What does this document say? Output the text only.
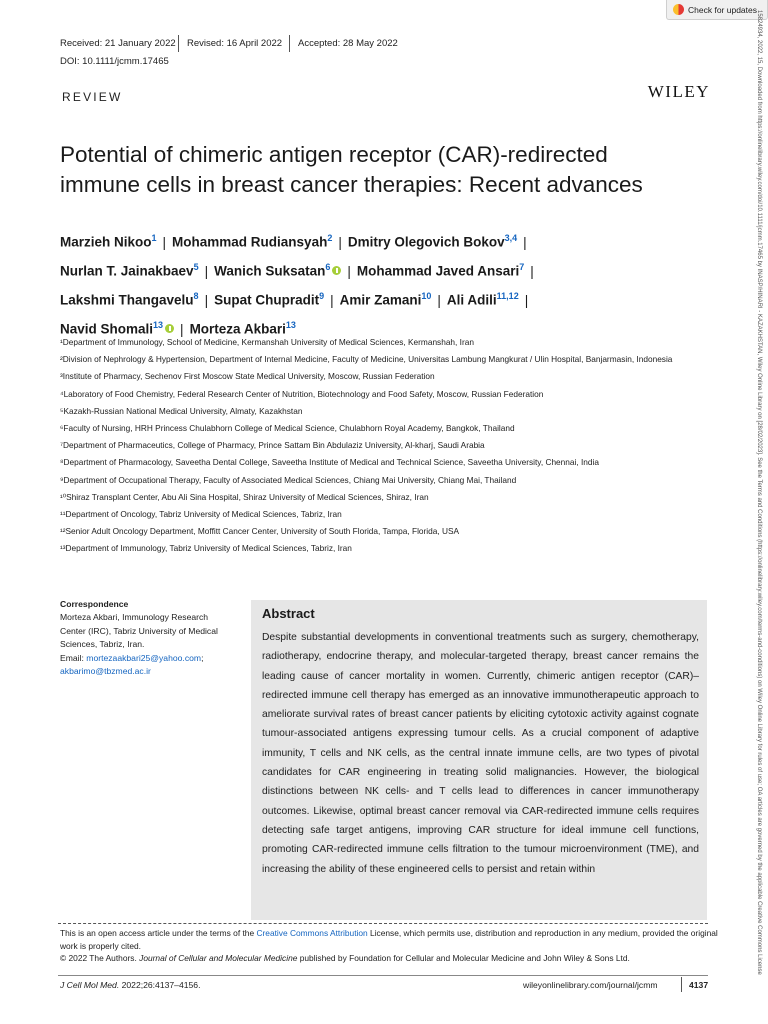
Check for updates
Received: 21 January 2022 Revised: 16 April 2022 Accepted: 28 May 2022
DOI: 10.1111/jcmm.17465
REVIEW	WILEY
Potential of chimeric antigen receptor (CAR)-redirected immune cells in breast cancer therapies: Recent advances
Marzieh Nikoo$^1$ | Mohammad Rudiansyah$^2$ | Dmitry Olegovich Bokov$^{3,4}$ |
Nurlan T. Jainakbaev$^5$ | Wanich Suksatan$^6$ | Mohammad Javed Ansari$^7$ |
Lakshmi Thangavelu$^8$ | Supat Chupradit$^9$ | Amir Zamani$^{10}$ | Ali Adili$^{11,12}$ |
Navid Shomali$^{13}$ | Morteza Akbari$^{13}$

¹Department of Immunology, School of Medicine, Kermanshah University of Medical Sciences, Kermanshah, Iran

²Division of Nephrology & Hypertension, Department of Internal Medicine, Faculty of Medicine, Universitas Lambung Mangkurat / Ulin Hospital, Banjarmasin, Indonesia

³Institute of Pharmacy, Sechenov First Moscow State Medical University, Moscow, Russian Federation

⁴Laboratory of Food Chemistry, Federal Research Center of Nutrition, Biotechnology and Food Safety, Moscow, Russian Federation

⁵Kazakh-Russian National Medical University, Almaty, Kazakhstan

⁶Faculty of Nursing, HRH Princess Chulabhorn College of Medical Science, Chulabhorn Royal Academy, Bangkok, Thailand

⁷Department of Pharmaceutics, College of Pharmacy, Prince Sattam Bin Abdulaziz University, Al-kharj, Saudi Arabia

⁸Department of Pharmacology, Saveetha Dental College, Saveetha Institute of Medical and Technical Science, Saveetha University, Chennai, India

⁹Department of Occupational Therapy, Faculty of Associated Medical Sciences, Chiang Mai University, Chiang Mai, Thailand

¹⁰Shiraz Transplant Center, Abu Ali Sina Hospital, Shiraz University of Medical Sciences, Shiraz, Iran

¹¹Department of Oncology, Tabriz University of Medical Sciences, Tabriz, Iran

¹²Senior Adult Oncology Department, Moffitt Cancer Center, University of South Florida, Tampa, Florida, USA

¹³Department of Immunology, Tabriz University of Medical Sciences, Tabriz, Iran

Correspondence
Morteza Akbari, Immunology Research Center (IRC), Tabriz University of Medical Sciences, Tabriz, Iran.
Email: mortezaakbari25@yahoo.com;
akbarimo@tbzmed.ac.ir
Abstract
Despite substantial developments in conventional treatments such as surgery, chemotherapy, radiotherapy, endocrine therapy, and molecular-targeted therapy, breast cancer remains the leading cause of cancer mortality in women. Currently, chimeric antigen receptor (CAR)–redirected immune cell therapy has emerged as an innovative immunotherapeutic approach to ameliorate survival rates of breast cancer patients by eliciting cytotoxic activity against cognate tumour-associated antigens expressing tumour cells. As a crucial component of adaptive immunity, T cells and NK cells, as the central innate immune cells, are two types of pivotal candidates for CAR engineering in treating solid malignancies. However, the biological distinctions between NK cells- and T cells lead to differences in cancer immunotherapy outcomes. Likewise, optimal breast cancer removal via CAR-redirected immune cells requires detecting safe target antigens, improving CAR structure for ideal immune cell functions, promoting CAR-redirected immune cells filtration to the tumour microenvironment (TME), and increasing the ability of these engineered cells to persist and retain within
This is an open access article under the terms of the Creative Commons Attribution License, which permits use, distribution and reproduction in any medium, provided the original work is properly cited.
© 2022 The Authors. Journal of Cellular and Molecular Medicine published by Foundation for Cellular and Molecular Medicine and John Wiley & Sons Ltd.
J Cell Mol Med. 2022;26:4137–4156.	wileyonlinelibrary.com/journal/jcmm	4137
15824934, 2022, 15, Downloaded from https://onlinelibrary.wiley.com/doi/10.1111/jcmm.17465 by INASP/HINARI - KAZAKHSTAN, Wiley Online Library on [28/02/2023]. See the Terms and Conditions (https://onlinelibrary.wiley.com/terms-and-conditions) on Wiley Online Library for rules of use; OA articles are governed by the applicable Creative Commons License
